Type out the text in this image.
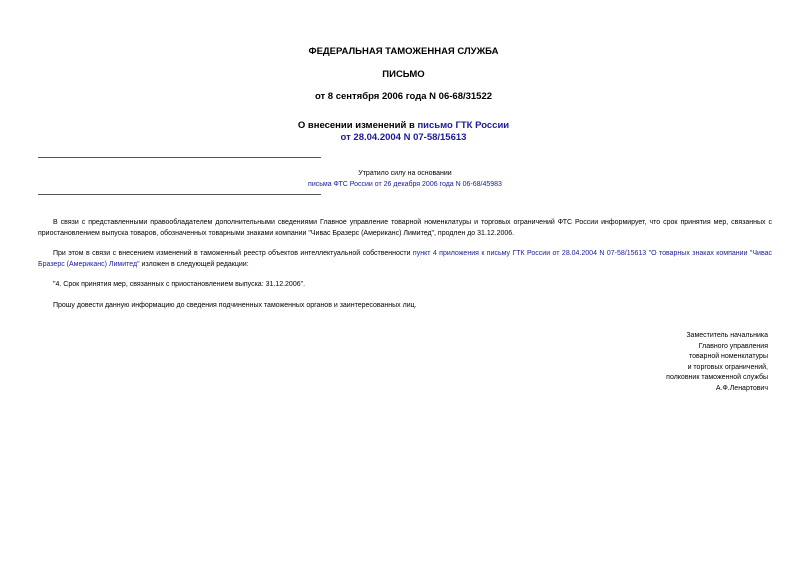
ФЕДЕРАЛЬНАЯ ТАМОЖЕННАЯ СЛУЖБА
ПИСЬМО
от 8 сентября 2006 года N 06-68/31522
О внесении изменений в письмо ГТК России
от 28.04.2004 N 07-58/15613
Утратило силу на основании
письма ФТС России от 26 декабря 2006 года N 06-68/45983
В связи с представленными правообладателем дополнительными сведениями Главное управление товарной номенклатуры и торговых ограничений ФТС России информирует, что срок принятия мер, связанных с приостановлением выпуска товаров, обозначенных товарными знаками компании "Чивас Бразерс (Американс) Лимитед", продлен до 31.12.2006.
При этом в связи с внесением изменений в таможенный реестр объектов интеллектуальной собственности пункт 4 приложения к письму ГТК России от 28.04.2004 N 07-58/15613 "О товарных знаках компании "Чивас Бразерс (Американс) Лимитед" изложен в следующей редакции:
"4. Срок принятия мер, связанных с приостановлением выпуска: 31.12.2006".
Прошу довести данную информацию до сведения подчиненных таможенных органов и заинтересованных лиц.
Заместитель начальника
Главного управления
товарной номенклатуры
и торговых ограничений,
полковник таможенной службы
А.Ф.Ленартович
